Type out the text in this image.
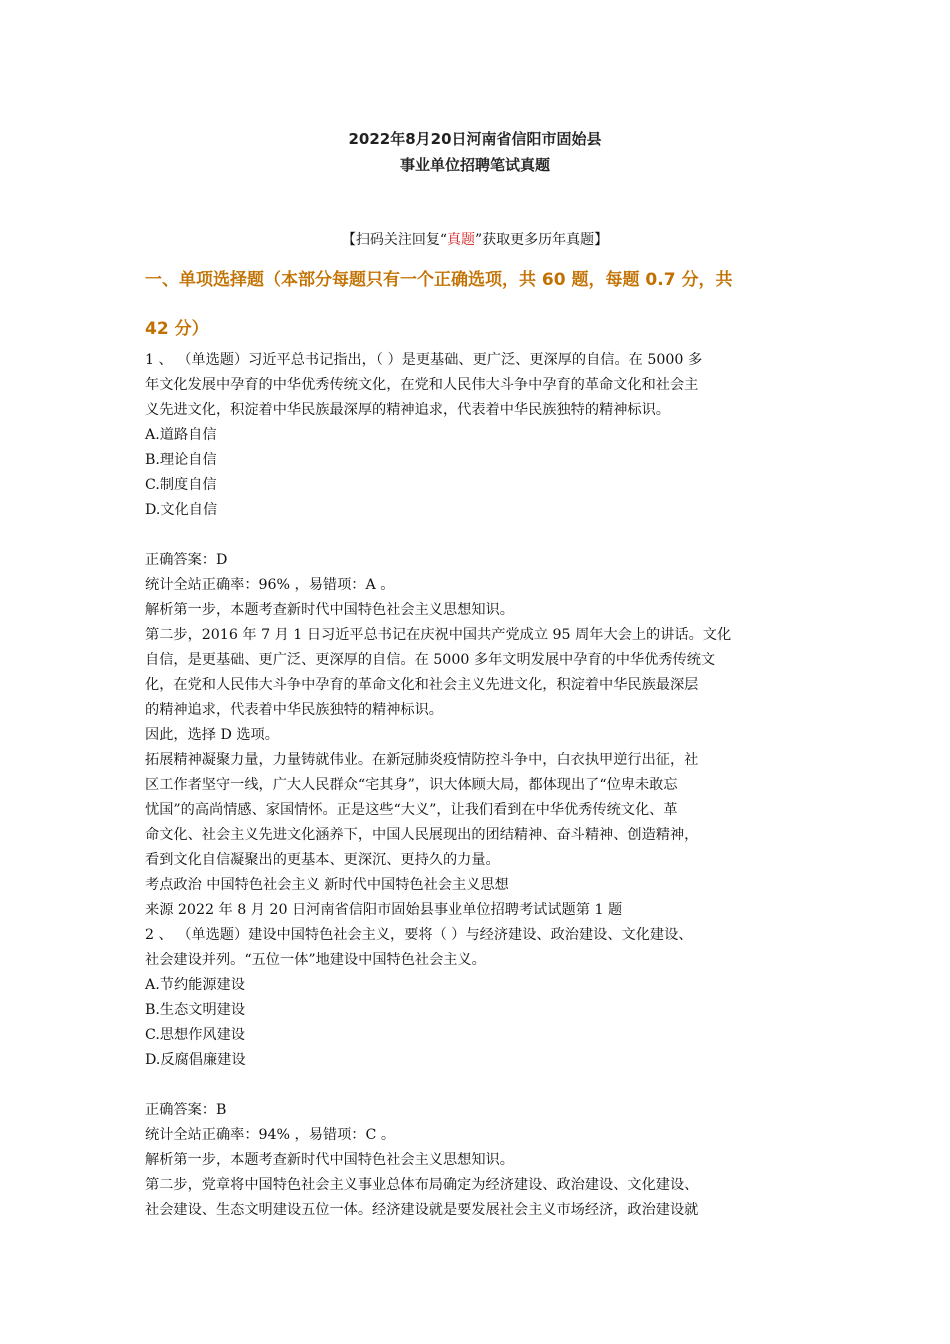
2022年8月20日河南省信阳市固始县
事业单位招聘笔试真题
【扫码关注回复“真题”获取更多历年真题】
一、单项选择题（本部分每题只有一个正确选项，共 60 题，每题 0.7 分，共
42 分）
1 、 （单选题）习近平总书记指出，（ ）是更基础、更广泛、更深厚的自信。在 5000 多
年文化发展中孕育的中华优秀传统文化，在党和人民伟大斗争中孕育的革命文化和社会主
义先进文化，积淀着中华民族最深厚的精神追求，代表着中华民族独特的精神标识。
A.道路自信
B.理论自信
C.制度自信
D.文化自信
正确答案：D
统计全站正确率：96% ，易错项：A 。
解析第一步，本题考查新时代中国特色社会主义思想知识。
第二步，2016 年 7 月 1 日习近平总书记在庆祝中国共产党成立 95 周年大会上的讲话。文化
自信，是更基础、更广泛、更深厚的自信。在 5000 多年文明发展中孕育的中华优秀传统文
化，在党和人民伟大斗争中孕育的革命文化和社会主义先进文化，积淀着中华民族最深层
的精神追求，代表着中华民族独特的精神标识。
因此，选择 D 选项。
拓展精神凝聚力量，力量铸就伟业。在新冠肺炎疫情防控斗争中，白衣执甲逆行出征，社
区工作者坚守一线，广大人民群众“宅其身”，识大体顾大局，都体现出了“位卑未敢忘
忧国”的高尚情感、家国情怀。正是这些“大义”，让我们看到在中华优秀传统文化、革
命文化、社会主义先进文化涵养下，中国人民展现出的团结精神、奋斗精神、创造精神，
看到文化自信凝聚出的更基本、更深沉、更持久的力量。
考点政治 中国特色社会主义 新时代中国特色社会主义思想
来源 2022 年 8 月 20 日河南省信阳市固始县事业单位招聘考试试题第 1 题
2 、 （单选题）建设中国特色社会主义，要将（ ）与经济建设、政治建设、文化建设、
社会建设并列。“五位一体”地建设中国特色社会主义。
A.节约能源建设
B.生态文明建设
C.思想作风建设
D.反腐倡廉建设
正确答案：B
统计全站正确率：94% ，易错项：C 。
解析第一步，本题考查新时代中国特色社会主义思想知识。
第二步，党章将中国特色社会主义事业总体布局确定为经济建设、政治建设、文化建设、
社会建设、生态文明建设五位一体。经济建设就是要发展社会主义市场经济，政治建设就
